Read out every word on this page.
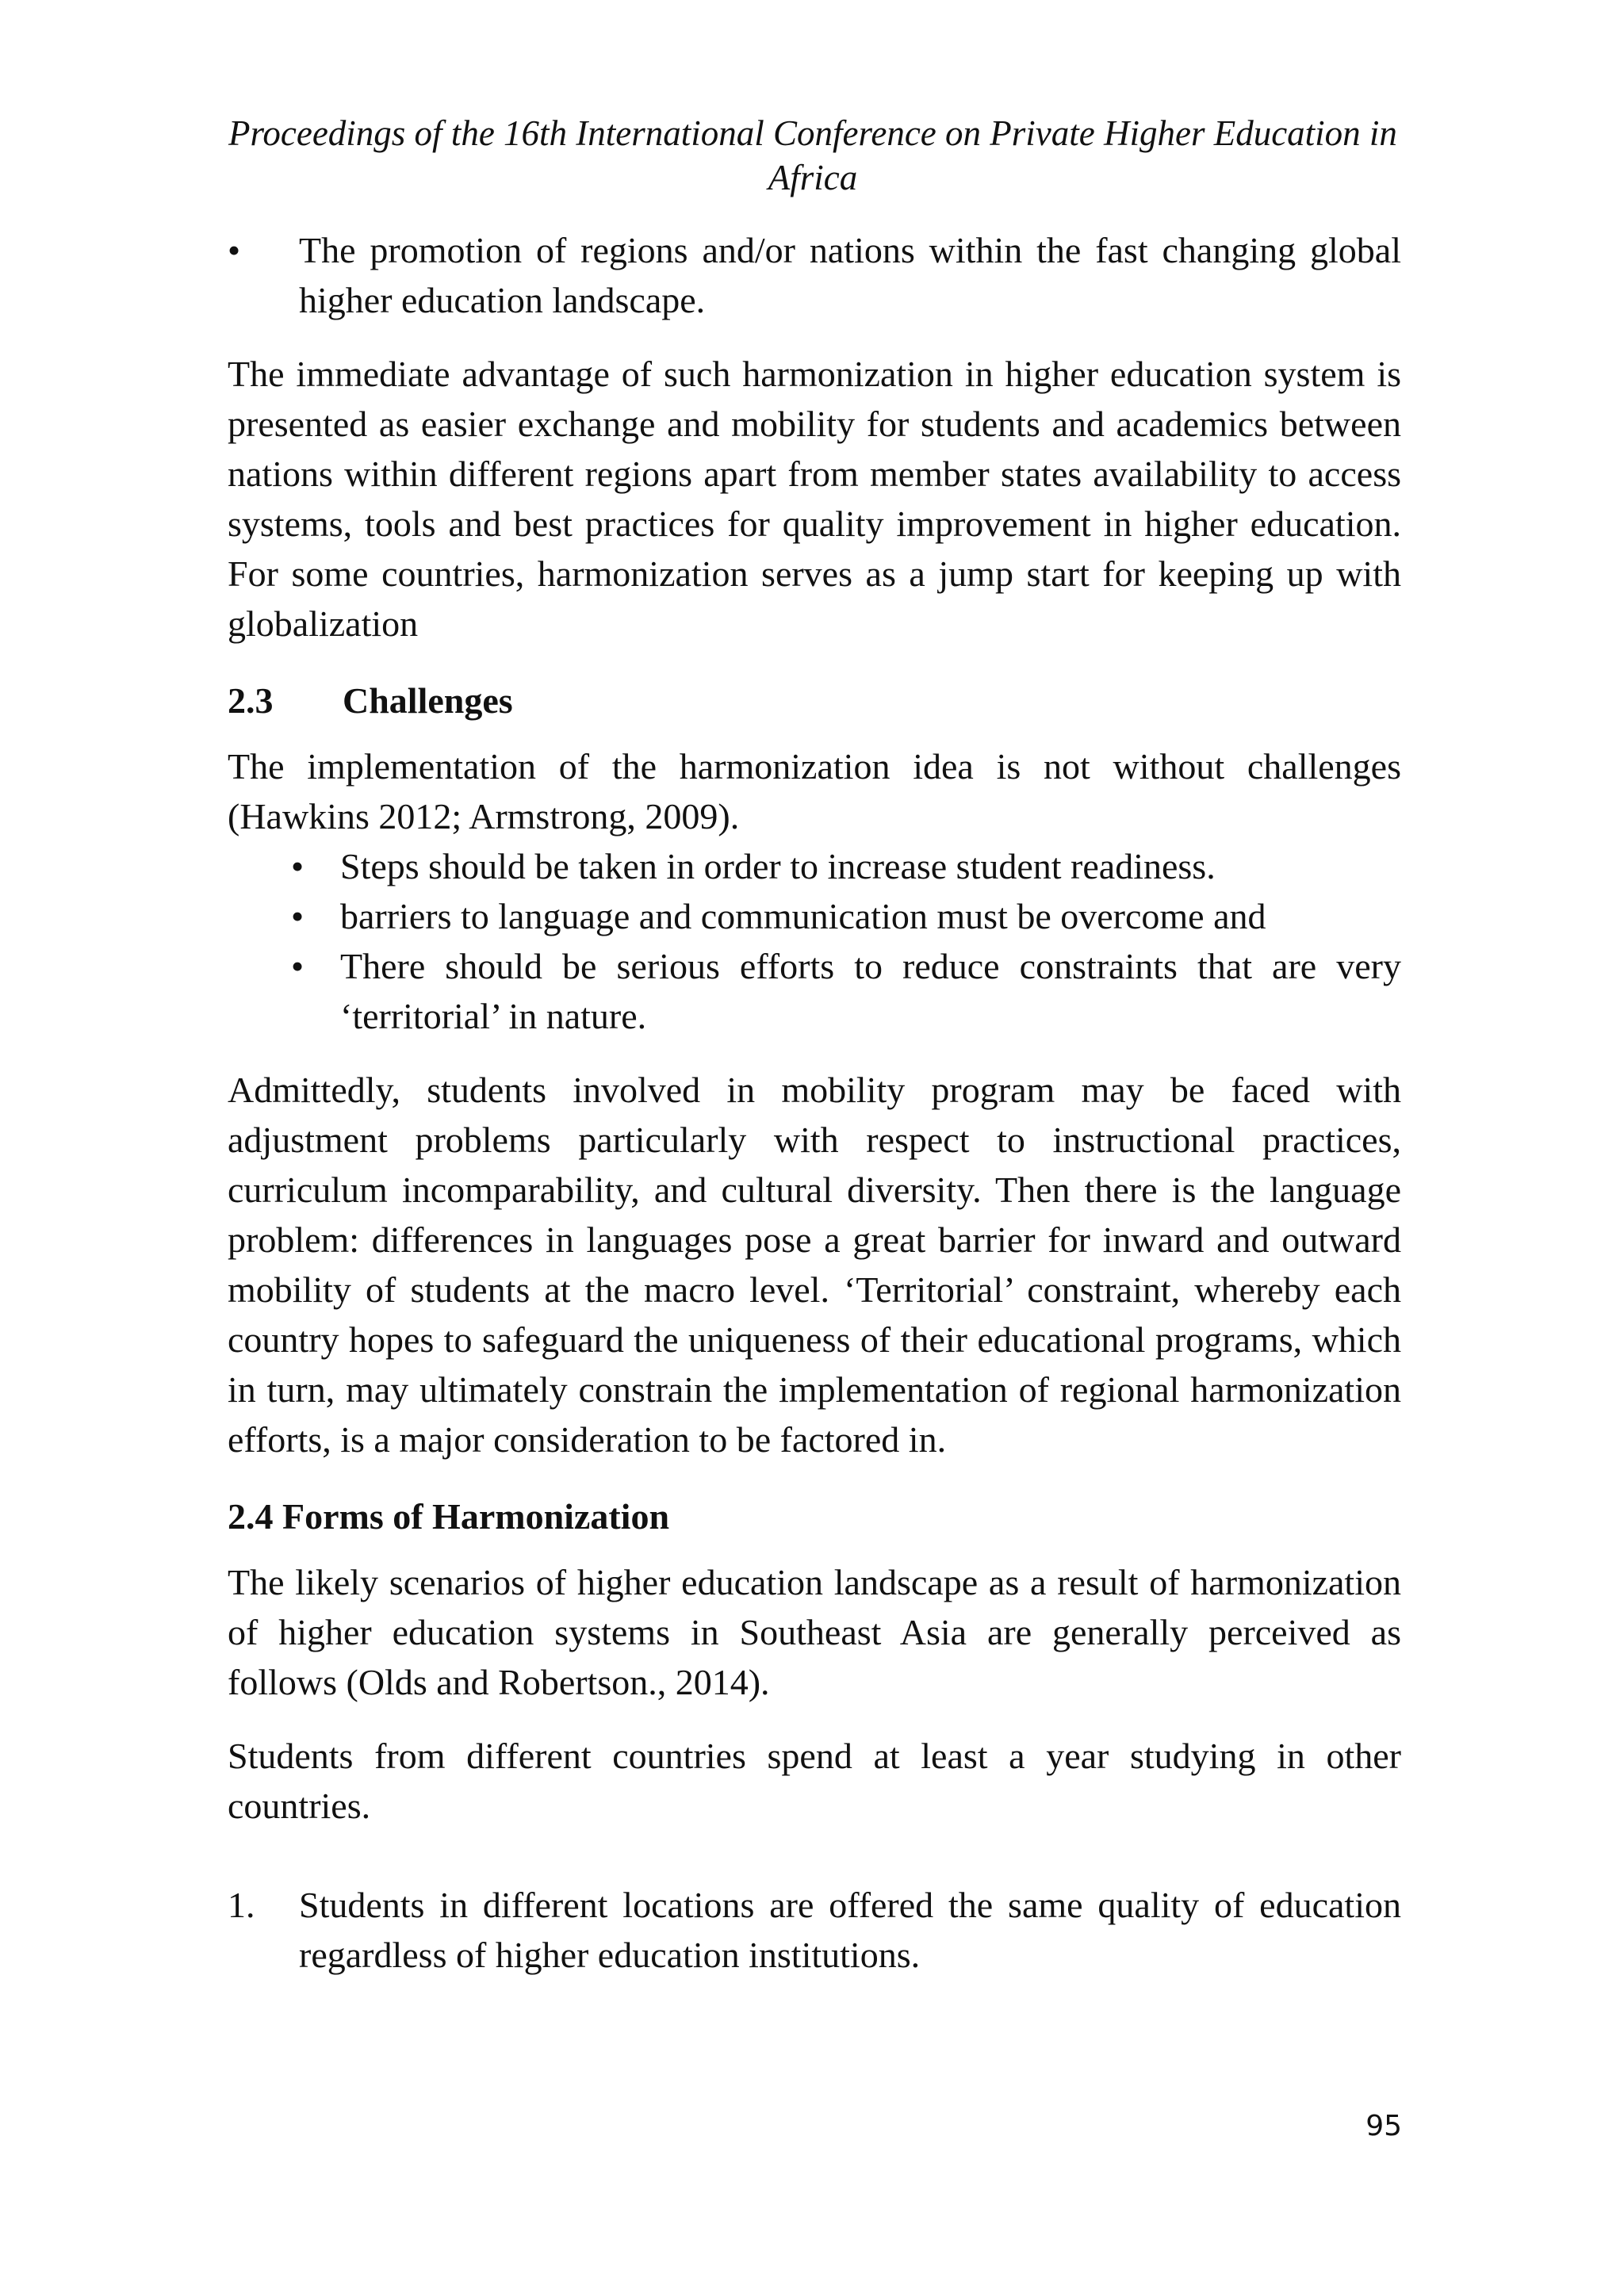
Proceedings of the 16th International Conference on Private Higher Education in
Africa

• The promotion of regions and/or nations within the fast changing global higher education landscape.

The immediate advantage of such harmonization in higher education system is presented as easier exchange and mobility for students and academics between nations within different regions apart from member states availability to access systems, tools and best practices for quality improvement in higher education. For some countries, harmonization serves as a jump start for keeping up with globalization

2.3 Challenges

The implementation of the harmonization idea is not without challenges (Hawkins 2012; Armstrong, 2009).

• Steps should be taken in order to increase student readiness.
• barriers to language and communication must be overcome and
• There should be serious efforts to reduce constraints that are very ‘territorial’ in nature.

Admittedly, students involved in mobility program may be faced with adjustment problems particularly with respect to instructional practices, curriculum incomparability, and cultural diversity. Then there is the language problem: differences in languages pose a great barrier for inward and outward mobility of students at the macro level. ‘Territorial’ constraint, whereby each country hopes to safeguard the uniqueness of their educational programs, which in turn, may ultimately constrain the implementation of regional harmonization efforts, is a major consideration to be factored in.

2.4 Forms of Harmonization

The likely scenarios of higher education landscape as a result of harmonization of higher education systems in Southeast Asia are generally perceived as follows (Olds and Robertson., 2014).

Students from different countries spend at least a year studying in other countries.

1. Students in different locations are offered the same quality of education regardless of higher education institutions.
95
